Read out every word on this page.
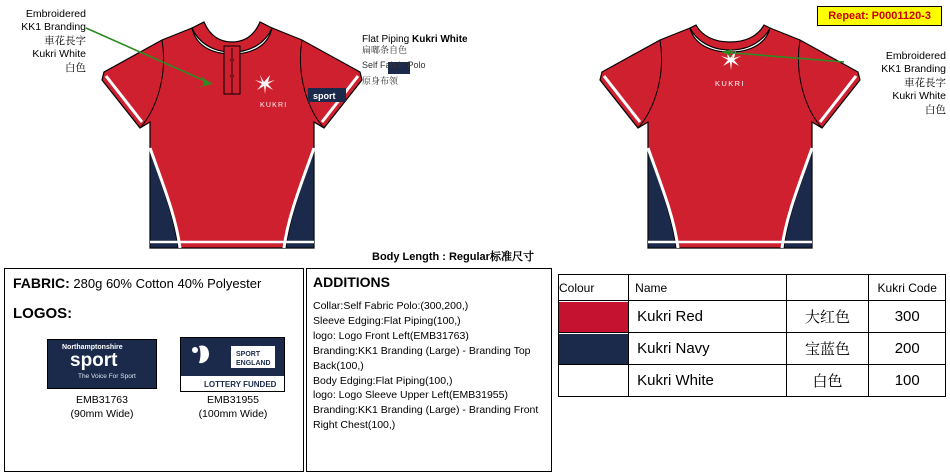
Repeat: P0001120-3
KUKRI
sport
KUKRI
Embroidered
KK1 Branding
車花長字
Kukri White
白色
Flat Piping Kukri White
扁嘟条自色
Self Fabric Polo
原身布领
Embroidered
KK1 Branding
車花長字
Kukri White
白色
Body Length : Regular标准尺寸
FABRIC: 280g 60% Cotton 40% Polyester
LOGOS:
Northamptonshire
sport
The Voice For Sport
SPORT
ENGLAND
LOTTERY FUNDED
EMB31763
(90mm Wide)
EMB31955
(100mm Wide)
ADDITIONS
Collar:Self Fabric Polo:(300,200,)
Sleeve Edging:Flat Piping(100,)
logo: Logo Front Left(EMB31763)
Branding:KK1 Branding (Large) - Branding Top Back(100,)
Body Edging:Flat Piping(100,)
logo: Logo Sleeve Upper Left(EMB31955)
Branding:KK1 Branding (Large) - Branding Front Right Chest(100,)
Colour	Name		Kukri Code

	Kukri Red	大红色	300

	Kukri Navy	宝蓝色	200

	Kukri White	白色	100
